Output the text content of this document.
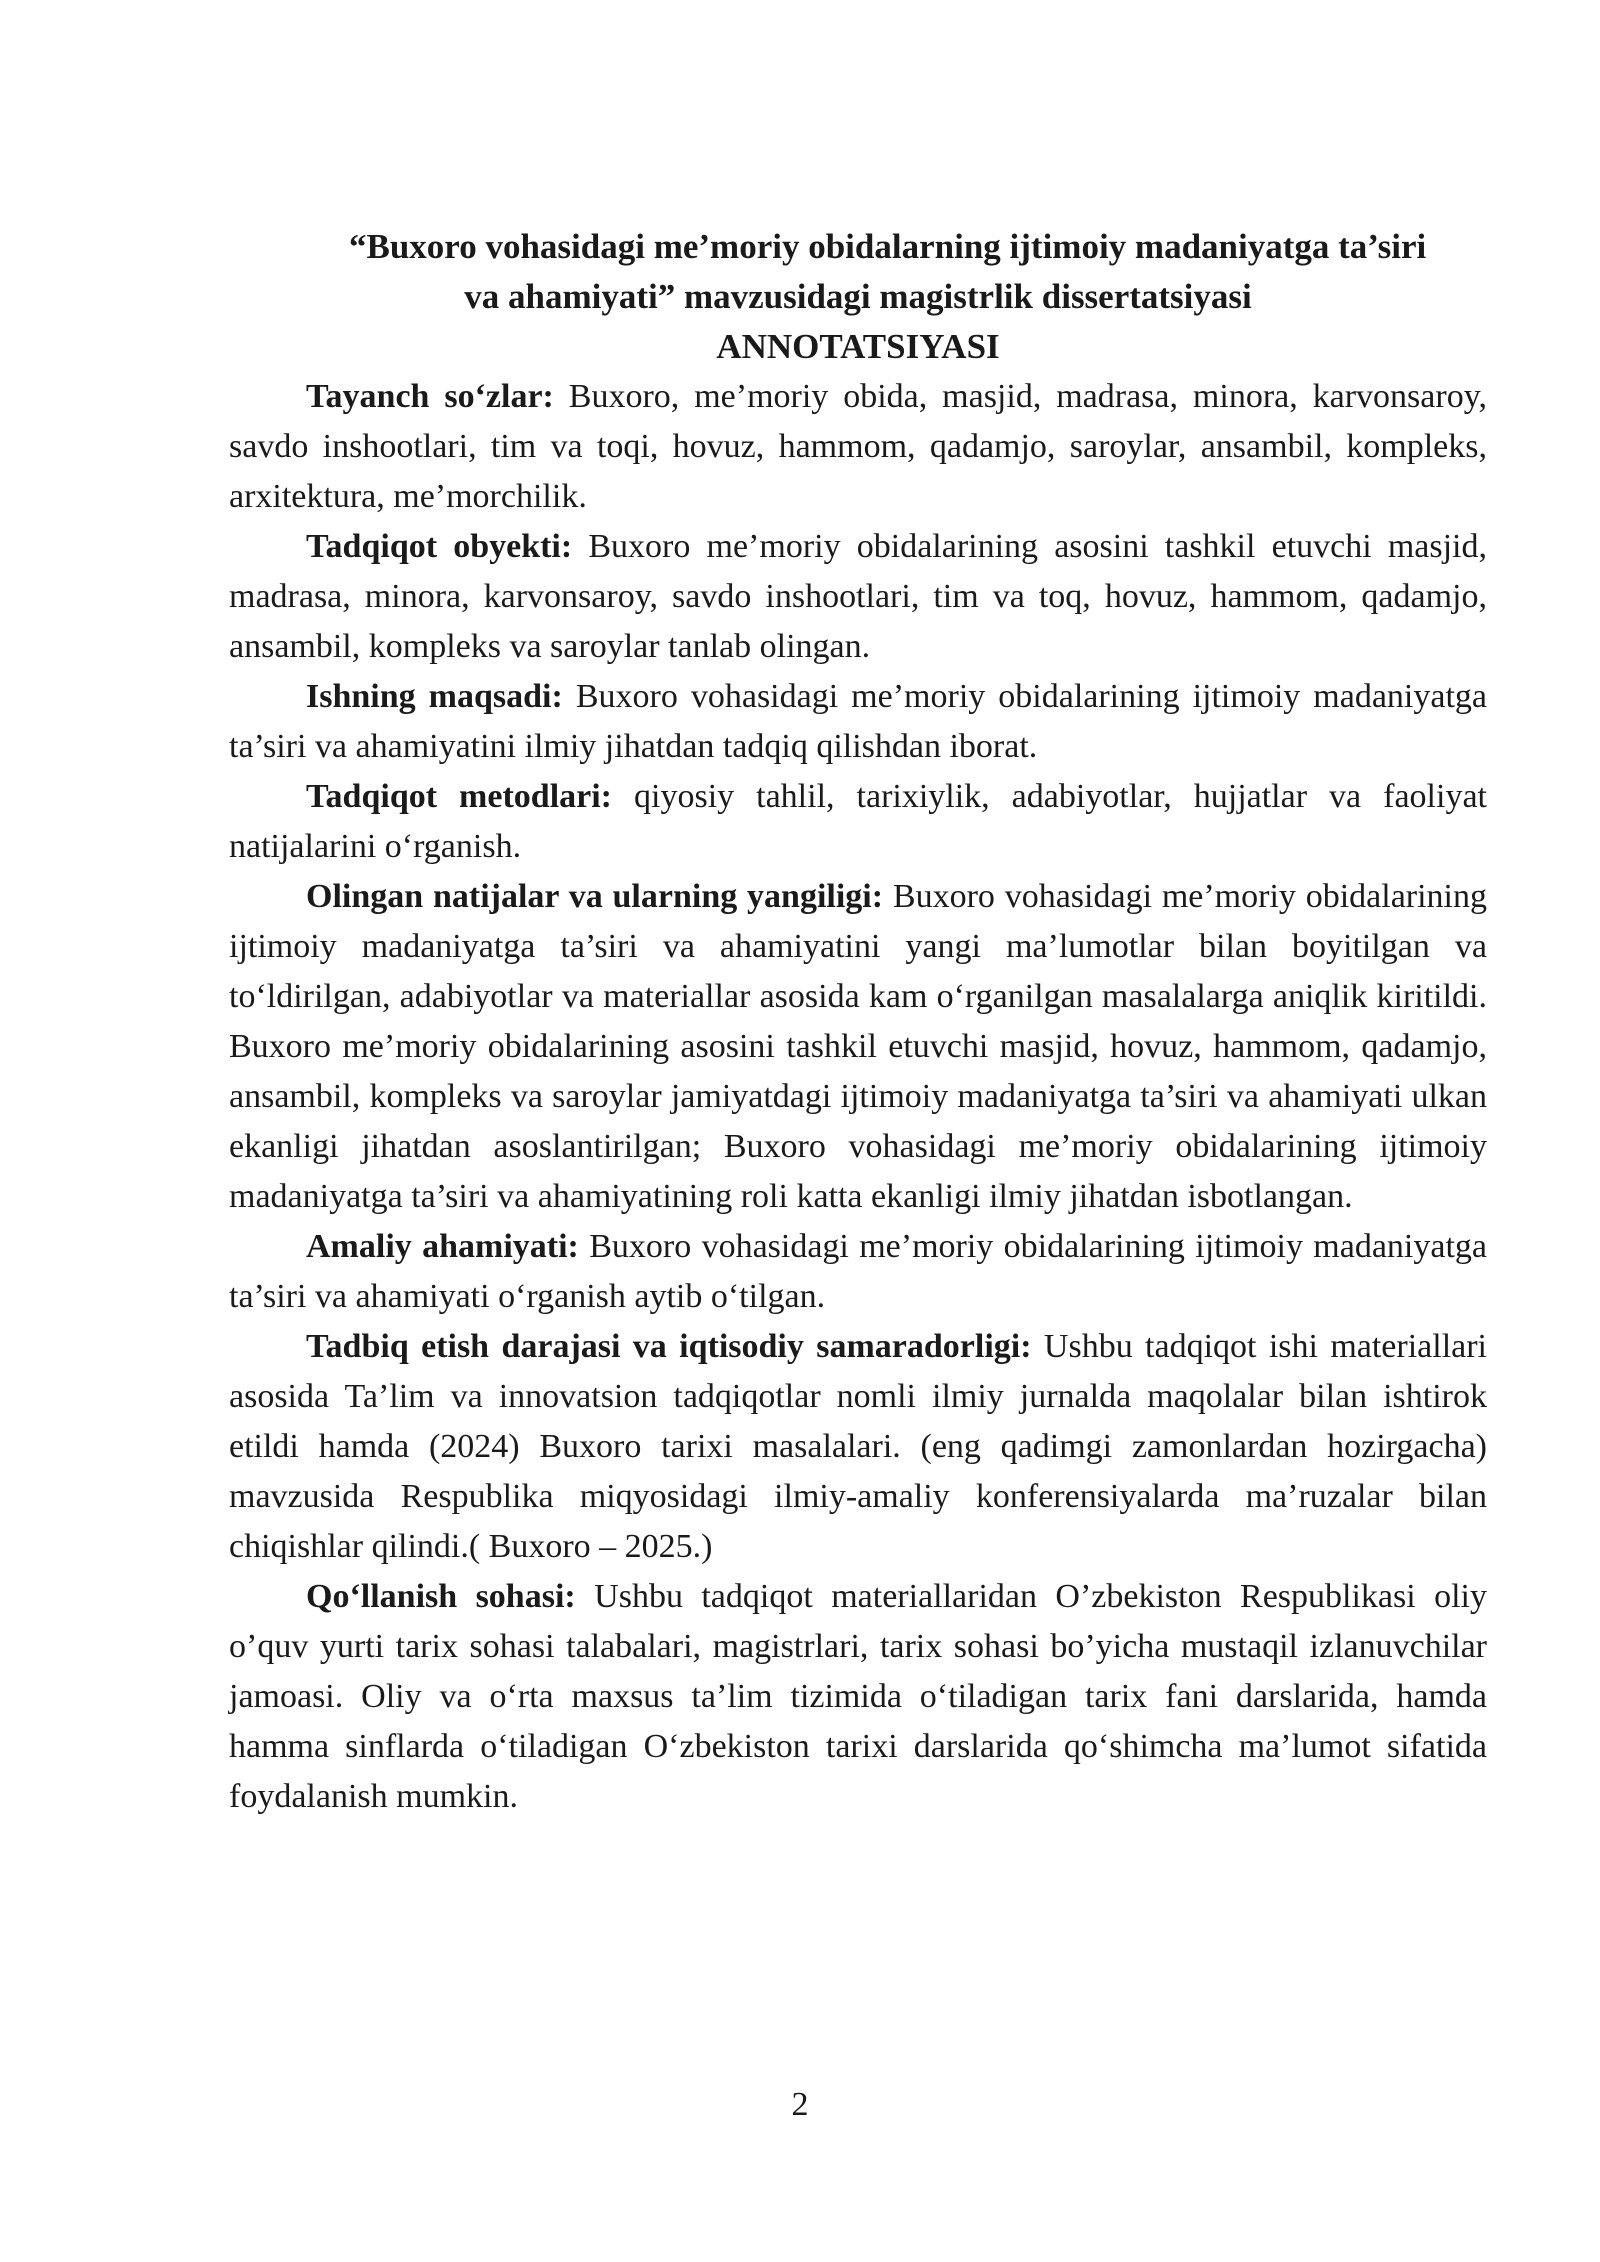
“Buxoro vohasidagi me’moriy obidalarning ijtimoiy madaniyatga ta’siri
va ahamiyati” mavzusidagi magistrlik dissertatsiyasi
ANNOTATSIYASI

Tayanch so‘zlar: Buxoro, me’moriy obida, masjid, madrasa, minora, karvonsaroy, savdo inshootlari, tim va toqi, hovuz, hammom, qadamjo, saroylar, ansambil, kompleks, arxitektura, me’morchilik.

Tadqiqot obyekti: Buxoro me’moriy obidalarining asosini tashkil etuvchi masjid, madrasa, minora, karvonsaroy, savdo inshootlari, tim va toq, hovuz, hammom, qadamjo, ansambil, kompleks va saroylar tanlab olingan.

Ishning maqsadi: Buxoro vohasidagi me’moriy obidalarining ijtimoiy madaniyatga ta’siri va ahamiyatini ilmiy jihatdan tadqiq qilishdan iborat.

Tadqiqot metodlari: qiyosiy tahlil, tarixiylik, adabiyotlar, hujjatlar va faoliyat natijalarini o‘rganish.

Olingan natijalar va ularning yangiligi: Buxoro vohasidagi me’moriy obidalarining ijtimoiy madaniyatga ta’siri va ahamiyatini yangi ma’lumotlar bilan boyitilgan va to‘ldirilgan, adabiyotlar va materiallar asosida kam o‘rganilgan masalalarga aniqlik kiritildi. Buxoro me’moriy obidalarining asosini tashkil etuvchi masjid, hovuz, hammom, qadamjo, ansambil, kompleks va saroylar jamiyatdagi ijtimoiy madaniyatga ta’siri va ahamiyati ulkan ekanligi jihatdan asoslantirilgan; Buxoro vohasidagi me’moriy obidalarining ijtimoiy madaniyatga ta’siri va ahamiyatining roli katta ekanligi ilmiy jihatdan isbotlangan.

Amaliy ahamiyati: Buxoro vohasidagi me’moriy obidalarining ijtimoiy madaniyatga ta’siri va ahamiyati o‘rganish aytib o‘tilgan.

Tadbiq etish darajasi va iqtisodiy samaradorligi: Ushbu tadqiqot ishi materiallari asosida Ta’lim va innovatsion tadqiqotlar nomli ilmiy jurnalda maqolalar bilan ishtirok etildi hamda (2024) Buxoro tarixi masalalari. (eng qadimgi zamonlardan hozirgacha) mavzusida Respublika miqyosidagi ilmiy-amaliy konferensiyalarda ma’ruzalar bilan chiqishlar qilindi.( Buxoro – 2025.)

Qo‘llanish sohasi: Ushbu tadqiqot materiallaridan O’zbekiston Respublikasi oliy o’quv yurti tarix sohasi talabalari, magistrlari, tarix sohasi bo’yicha mustaqil izlanuvchilar jamoasi. Oliy va o‘rta maxsus ta’lim tizimida o‘tiladigan tarix fani darslarida, hamda hamma sinflarda o‘tiladigan O‘zbekiston tarixi darslarida qo‘shimcha ma’lumot sifatida foydalanish mumkin.

2
